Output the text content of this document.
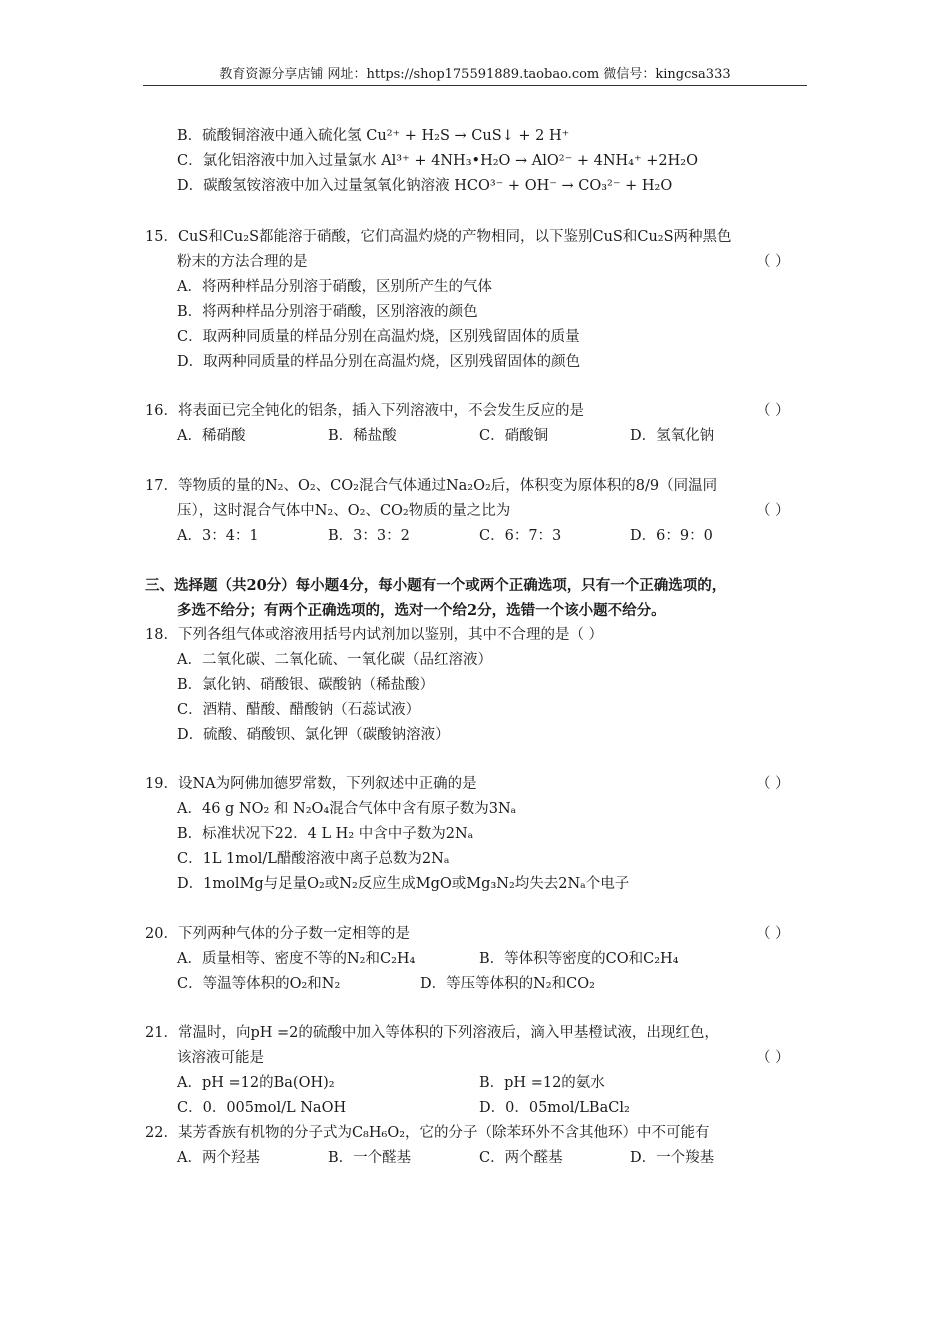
教育资源分享店铺 网址：https://shop175591889.taobao.com 微信号：kingcsa333
B．硫酸铜溶液中通入硫化氢 Cu²⁺ + H₂S → CuS↓ + 2 H⁺
C．氯化铝溶液中加入过量氯水 Al³⁺ + 4NH₃•H₂O → AlO²⁻ + 4NH₄⁺ +2H₂O
D．碳酸氢铵溶液中加入过量氢氧化钠溶液 HCO³⁻ + OH⁻ → CO₃²⁻ + H₂O
15．CuS和Cu₂S都能溶于硝酸，它们高温灼烧的产物相同，以下鉴别CuS和Cu₂S两种黑色
粉末的方法合理的是	（ ）
A．将两种样品分别溶于硝酸，区别所产生的气体
B．将两种样品分别溶于硝酸，区别溶液的颜色
C．取两种同质量的样品分别在高温灼烧，区别残留固体的质量
D．取两种同质量的样品分别在高温灼烧，区别残留固体的颜色
16．将表面已完全钝化的铝条，插入下列溶液中，不会发生反应的是	（ ）
A．稀硝酸	B．稀盐酸	C．硝酸铜	D．氢氧化钠
17．等物质的量的N₂、O₂、CO₂混合气体通过Na₂O₂后，体积变为原体积的8/9（同温同
压），这时混合气体中N₂、O₂、CO₂物质的量之比为	（ ）
A．3：4：1	B．3：3：2	C．6：7：3	D．6：9：0
三、选择题（共20分）每小题4分，每小题有一个或两个正确选项，只有一个正确选项的，
多选不给分；有两个正确选项的，选对一个给2分，选错一个该小题不给分。
18．下列各组气体或溶液用括号内试剂加以鉴别，其中不合理的是（ ）
A．二氧化碳、二氧化硫、一氧化碳（品红溶液）
B．氯化钠、硝酸银、碳酸钠（稀盐酸）
C．酒精、醋酸、醋酸钠（石蕊试液）
D．硫酸、硝酸钡、氯化钾（碳酸钠溶液）
19．设NA为阿佛加德罗常数，下列叙述中正确的是	（ ）
A．46 g NO₂ 和 N₂O₄混合气体中含有原子数为3Nₐ
B．标准状况下22．4 L H₂ 中含中子数为2Nₐ
C．1L 1mol/L醋酸溶液中离子总数为2Nₐ
D．1molMg与足量O₂或N₂反应生成MgO或Mg₃N₂均失去2Nₐ个电子
20．下列两种气体的分子数一定相等的是	（ ）
A．质量相等、密度不等的N₂和C₂H₄	B．等体积等密度的CO和C₂H₄
C．等温等体积的O₂和N₂	D．等压等体积的N₂和CO₂
21．常温时，向pH =2的硫酸中加入等体积的下列溶液后，滴入甲基橙试液，出现红色，
该溶液可能是	（ ）
A．pH =12的Ba(OH)₂	B．pH =12的氨水
C．0．005mol/L NaOH	D．0．05mol/LBaCl₂
22．某芳香族有机物的分子式为C₈H₆O₂，它的分子（除苯环外不含其他环）中不可能有
A．两个羟基	B．一个醛基	C．两个醛基	D．一个羧基
